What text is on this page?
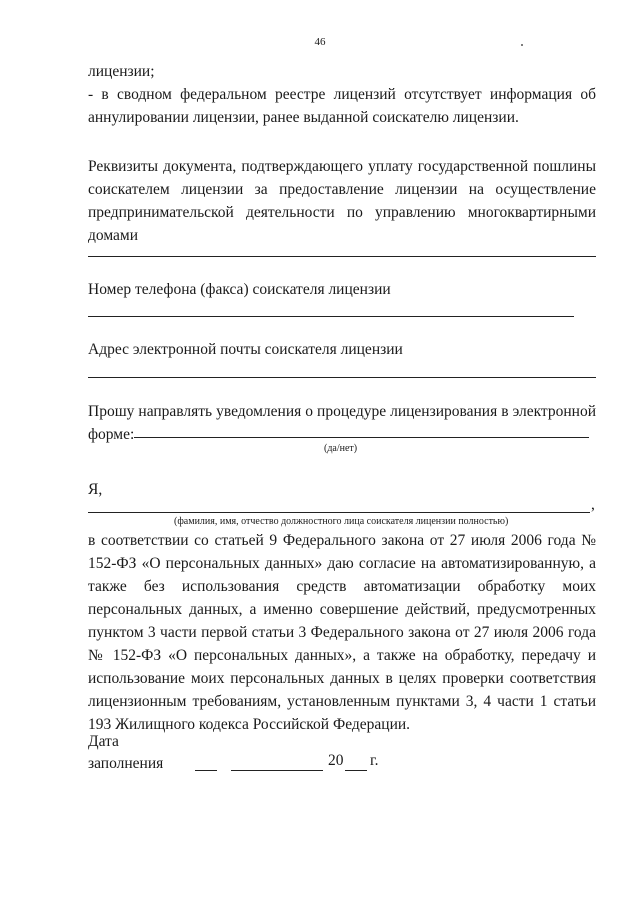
46
лицензии;
- в сводном федеральном реестре лицензий отсутствует информация об аннулировании лицензии, ранее выданной соискателю лицензии.
Реквизиты документа, подтверждающего уплату государственной пошлины соискателем лицензии за предоставление лицензии на осуществление предпринимательской деятельности по управлению многоквартирными домами
Номер телефона (факса) соискателя лицензии
Адрес электронной почты соискателя лицензии
Прошу направлять уведомления о процедуре лицензирования в электронной форме:
(да/нет)
Я,
,
(фамилия, имя, отчество должностного лица соискателя лицензии полностью)
в соответствии со статьей 9 Федерального закона от 27 июля 2006 года № 152-ФЗ «О персональных данных» даю согласие на автоматизированную, а также без использования средств автоматизации обработку моих персональных данных, а именно совершение действий, предусмотренных пунктом 3 части первой статьи 3 Федерального закона от 27 июля 2006 года № 152-ФЗ «О персональных данных», а также на обработку, передачу и использование моих персональных данных в целях проверки соответствия лицензионным требованиям, установленным пунктами 3, 4 части 1 статьи 193 Жилищного кодекса Российской Федерации.
Дата
заполнения	20 г.
